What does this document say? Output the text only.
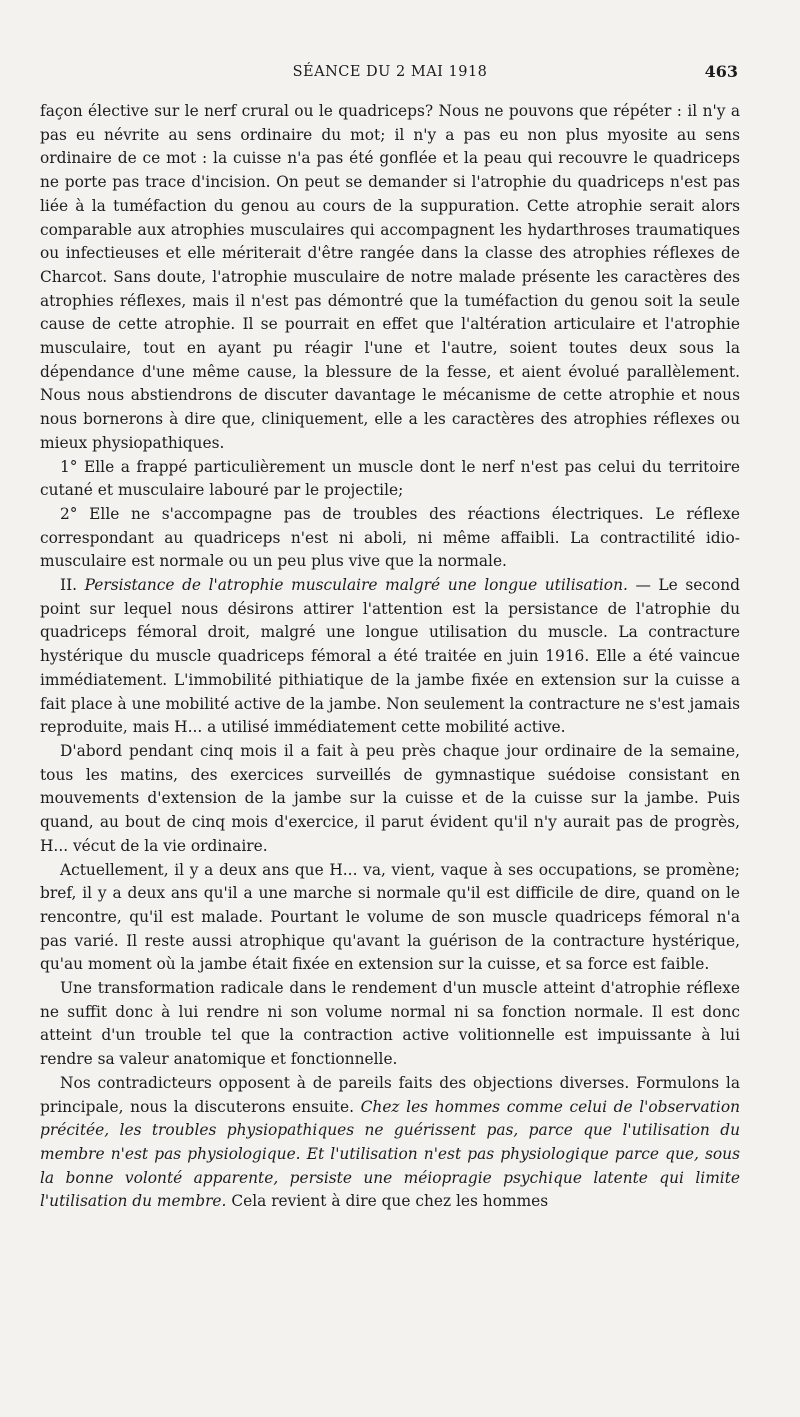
SÉANCE DU 2 MAI 1918	463

façon élective sur le nerf crural ou le quadriceps? Nous ne pouvons que répéter : il n'y a pas eu névrite au sens ordinaire du mot; il n'y a pas eu non plus myosite au sens ordinaire de ce mot : la cuisse n'a pas été gonflée et la peau qui recouvre le quadriceps ne porte pas trace d'incision. On peut se demander si l'atrophie du quadriceps n'est pas liée à la tuméfaction du genou au cours de la suppuration. Cette atrophie serait alors comparable aux atrophies musculaires qui accompagnent les hydarthroses traumatiques ou infectieuses et elle mériterait d'être rangée dans la classe des atrophies réflexes de Charcot. Sans doute, l'atrophie musculaire de notre malade présente les caractères des atrophies réflexes, mais il n'est pas démontré que la tuméfaction du genou soit la seule cause de cette atrophie. Il se pourrait en effet que l'altération articulaire et l'atrophie musculaire, tout en ayant pu réagir l'une et l'autre, soient toutes deux sous la dépendance d'une même cause, la blessure de la fesse, et aient évolué parallèlement. Nous nous abstiendrons de discuter davantage le mécanisme de cette atrophie et nous nous bornerons à dire que, cliniquement, elle a les caractères des atrophies réflexes ou mieux physiopathiques.

1° Elle a frappé particulièrement un muscle dont le nerf n'est pas celui du territoire cutané et musculaire labouré par le projectile;

2° Elle ne s'accompagne pas de troubles des réactions électriques. Le réflexe correspondant au quadriceps n'est ni aboli, ni même affaibli. La contractilité idio-musculaire est normale ou un peu plus vive que la normale.

II. Persistance de l'atrophie musculaire malgré une longue utilisation. — Le second point sur lequel nous désirons attirer l'attention est la persistance de l'atrophie du quadriceps fémoral droit, malgré une longue utilisation du muscle. La contracture hystérique du muscle quadriceps fémoral a été traitée en juin 1916. Elle a été vaincue immédiatement. L'immobilité pithiatique de la jambe fixée en extension sur la cuisse a fait place à une mobilité active de la jambe. Non seulement la contracture ne s'est jamais reproduite, mais H... a utilisé immédiatement cette mobilité active.

D'abord pendant cinq mois il a fait à peu près chaque jour ordinaire de la semaine, tous les matins, des exercices surveillés de gymnastique suédoise consistant en mouvements d'extension de la jambe sur la cuisse et de la cuisse sur la jambe. Puis quand, au bout de cinq mois d'exercice, il parut évident qu'il n'y aurait pas de progrès, H... vécut de la vie ordinaire.

Actuellement, il y a deux ans que H... va, vient, vaque à ses occupations, se promène; bref, il y a deux ans qu'il a une marche si normale qu'il est difficile de dire, quand on le rencontre, qu'il est malade. Pourtant le volume de son muscle quadriceps fémoral n'a pas varié. Il reste aussi atrophique qu'avant la guérison de la contracture hystérique, qu'au moment où la jambe était fixée en extension sur la cuisse, et sa force est faible.

Une transformation radicale dans le rendement d'un muscle atteint d'atrophie réflexe ne suffit donc à lui rendre ni son volume normal ni sa fonction normale. Il est donc atteint d'un trouble tel que la contraction active volitionnelle est impuissante à lui rendre sa valeur anatomique et fonctionnelle.

Nos contradicteurs opposent à de pareils faits des objections diverses. Formulons la principale, nous la discuterons ensuite. Chez les hommes comme celui de l'observation précitée, les troubles physiopathiques ne guérissent pas, parce que l'utilisation du membre n'est pas physiologique. Et l'utilisation n'est pas physiologique parce que, sous la bonne volonté apparente, persiste une méiopragie psychique latente qui limite l'utilisation du membre. Cela revient à dire que chez les hommes
